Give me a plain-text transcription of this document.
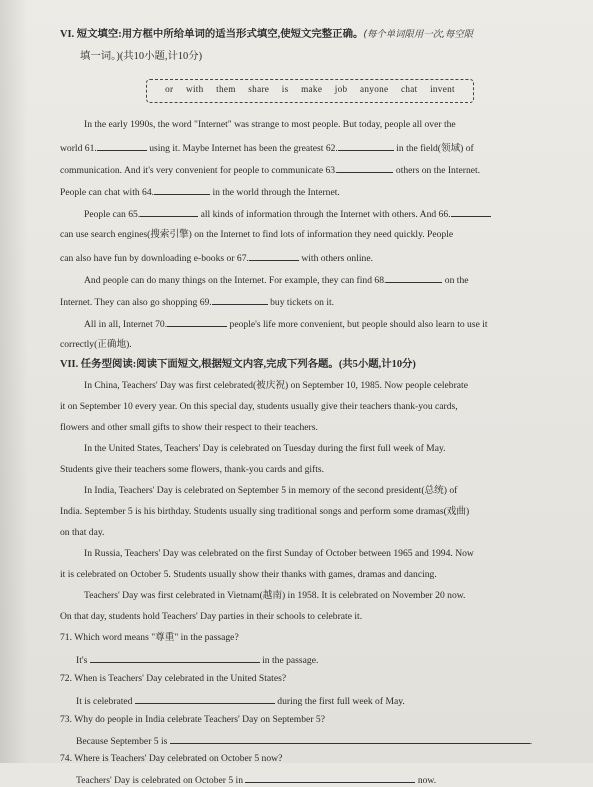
VI. 短文填空:用方框中所给单词的适当形式填空,使短文完整正确。(每个单词限用一次,每空限
填一词。)(共10小题,计10分)
or with them share is make job anyone chat invent
In the early 1990s, the word "Internet" was strange to most people. But today, people all over the
world 61.	using it. Maybe Internet has been the greatest 62.	in the field(领域) of
communication. And it's very convenient for people to communicate 63.	others on the Internet.
People can chat with 64.	in the world through the Internet.
People can 65.	all kinds of information through the Internet with others. And 66.
can use search engines(搜索引擎) on the Internet to find lots of information they need quickly. People
can also have fun by downloading e-books or 67.	with others online.
And people can do many things on the Internet. For example, they can find 68.	on the
Internet. They can also go shopping 69.	buy tickets on it.
All in all, Internet 70.	people's life more convenient, but people should also learn to use it
correctly(正确地).
VII. 任务型阅读:阅读下面短文,根据短文内容,完成下列各题。(共5小题,计10分)
In China, Teachers' Day was first celebrated(被庆祝) on September 10, 1985. Now people celebrate
it on September 10 every year. On this special day, students usually give their teachers thank-you cards,
flowers and other small gifts to show their respect to their teachers.
In the United States, Teachers' Day is celebrated on Tuesday during the first full week of May.
Students give their teachers some flowers, thank-you cards and gifts.
In India, Teachers' Day is celebrated on September 5 in memory of the second president(总统) of
India. September 5 is his birthday. Students usually sing traditional songs and perform some dramas(戏曲)
on that day.
In Russia, Teachers' Day was celebrated on the first Sunday of October between 1965 and 1994. Now
it is celebrated on October 5. Students usually show their thanks with games, dramas and dancing.
Teachers' Day was first celebrated in Vietnam(越南) in 1958. It is celebrated on November 20 now.
On that day, students hold Teachers' Day parties in their schools to celebrate it.
71. Which word means "尊重" in the passage?
It's	in the passage.
72. When is Teachers' Day celebrated in the United States?
It is celebrated	during the first full week of May.
73. Why do people in India celebrate Teachers' Day on September 5?
Because September 5 is	.
74. Where is Teachers' Day celebrated on October 5 now?
Teachers' Day is celebrated on October 5 in	now.
